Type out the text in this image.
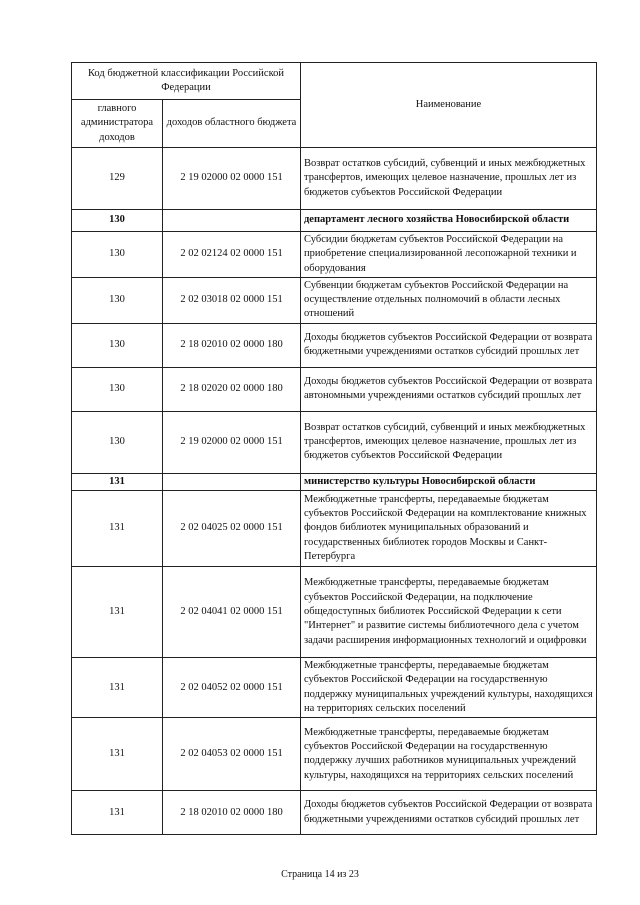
Код бюджетной классификации Российской Федерации		Наименование
главного администратора доходов	доходов областного бюджета	
129	2 19 02000 02 0000 151	Возврат остатков субсидий, субвенций и иных межбюджетных трансфертов, имеющих целевое назначение, прошлых лет из бюджетов субъектов Российской Федерации
130		департамент лесного хозяйства Новосибирской области
130	2 02 02124 02 0000 151	Субсидии бюджетам субъектов Российской Федерации на приобретение специализированной лесопожарной техники и оборудования
130	2 02 03018 02 0000 151	Субвенции бюджетам субъектов Российской Федерации на осуществление отдельных полномочий в области лесных отношений
130	2 18 02010 02 0000 180	Доходы бюджетов субъектов Российской Федерации от возврата бюджетными учреждениями остатков субсидий прошлых лет
130	2 18 02020 02 0000 180	Доходы бюджетов субъектов Российской Федерации от возврата автономными учреждениями остатков субсидий прошлых лет
130	2 19 02000 02 0000 151	Возврат остатков субсидий, субвенций и иных межбюджетных трансфертов, имеющих целевое назначение, прошлых лет из бюджетов субъектов Российской Федерации
131		министерство культуры Новосибирской области
131	2 02 04025 02 0000 151	Межбюджетные трансферты, передаваемые бюджетам субъектов Российской Федерации на комплектование книжных фондов библиотек муниципальных образований и государственных библиотек городов Москвы и Санкт-Петербурга
131	2 02 04041 02 0000 151	Межбюджетные трансферты, передаваемые бюджетам субъектов Российской Федерации, на подключение общедоступных библиотек Российской Федерации к сети "Интернет" и развитие системы библиотечного дела с учетом задачи расширения информационных технологий и оцифровки
131	2 02 04052 02 0000 151	Межбюджетные трансферты, передаваемые бюджетам субъектов Российской Федерации на государственную поддержку муниципальных учреждений культуры, находящихся на территориях сельских поселений
131	2 02 04053 02 0000 151	Межбюджетные трансферты, передаваемые бюджетам субъектов Российской Федерации на государственную поддержку лучших работников муниципальных учреждений культуры, находящихся на территориях сельских поселений
131	2 18 02010 02 0000 180	Доходы бюджетов субъектов Российской Федерации от возврата бюджетными учреждениями остатков субсидий прошлых лет
Страница 14 из 23
